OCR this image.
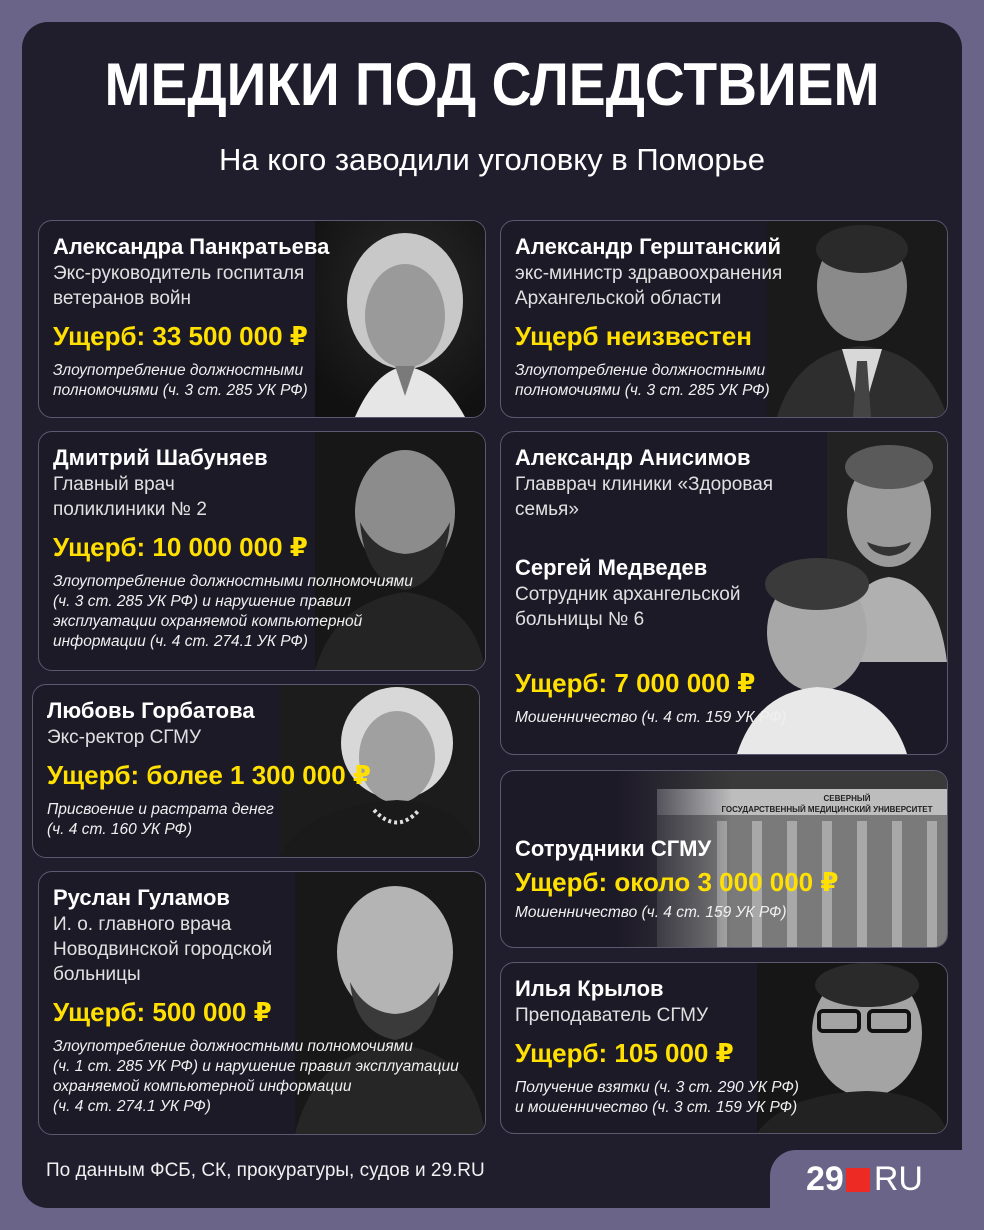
МЕДИКИ ПОД СЛЕДСТВИЕМ
На кого заводили уголовку в Поморье
Александра Панкратьева
Экс-руководитель госпиталя
ветеранов войн
Ущерб: 33 500 000 ₽
Злоупотребление должностными
полномочиями (ч. 3 ст. 285 УК РФ)
Александр Герштанский
экс-министр здравоохранения
Архангельской области
Ущерб неизвестен
Злоупотребление должностными
полномочиями (ч. 3 ст. 285 УК РФ)
Дмитрий Шабуняев
Главный врач
поликлиники № 2
Ущерб: 10 000 000 ₽
Злоупотребление должностными полномочиями
(ч. 3 ст. 285 УК РФ) и нарушение правил
эксплуатации охраняемой компьютерной
информации (ч. 4 ст. 274.1 УК РФ)
Александр Анисимов
Главврач клиники «Здоровая
семья»
Сергей Медведев
Сотрудник архангельской
больницы № 6
Ущерб: 7 000 000 ₽
Мошенничество (ч. 4 ст. 159 УК РФ)
Любовь Горбатова
Экс-ректор СГМУ
Ущерб: более 1 300 000 ₽
Присвоение и растрата денег
(ч. 4 ст. 160 УК РФ)
Сотрудники СГМУ
Ущерб: около 3 000 000 ₽
Мошенничество (ч. 4 ст. 159 УК РФ)
Руслан Гуламов
И. о. главного врача
Новодвинской городской
больницы
Ущерб: 500 000 ₽
Злоупотребление должностными полномочиями
(ч. 1 ст. 285 УК РФ) и нарушение правил эксплуатации
охраняемой компьютерной информации
(ч. 4 ст. 274.1 УК РФ)
Илья Крылов
Преподаватель СГМУ
Ущерб: 105 000 ₽
Получение взятки (ч. 3 ст. 290 УК РФ)
и мошенничество (ч. 3 ст. 159 УК РФ)
По данным ФСБ, СК, прокуратуры, судов и 29.RU	29 RU
